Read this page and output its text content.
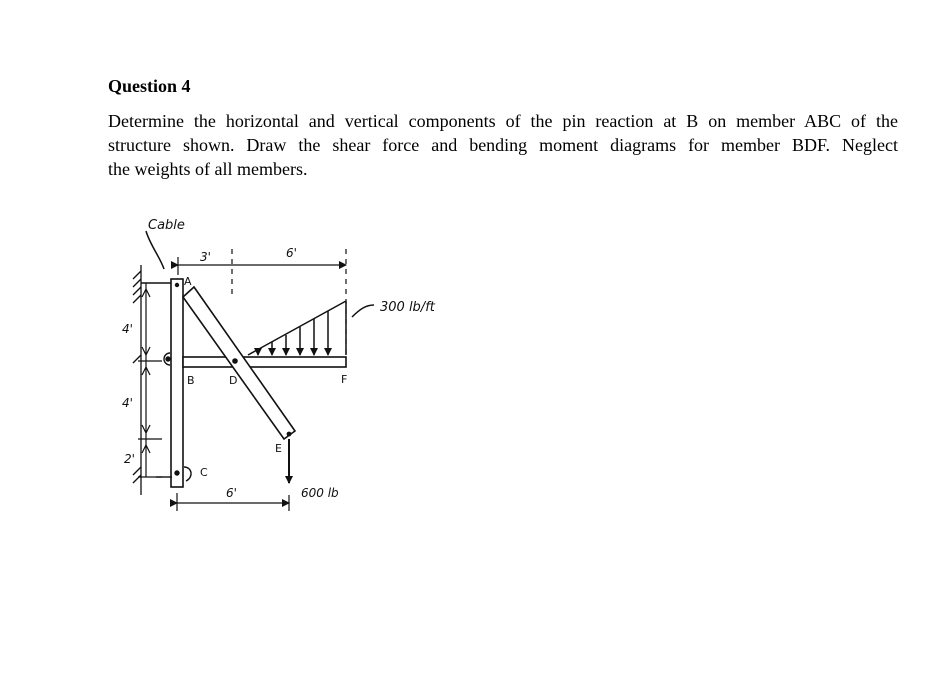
Question 4
Determine the horizontal and vertical components of the pin reaction at B on member ABC of the
structure shown. Draw the shear force and bending moment diagrams for member BDF. Neglect
the weights of all members.
Cable
3'	6'
4'
4'
2'
300 lb/ft
600 lb
6'
A
B
C
D
E
F
